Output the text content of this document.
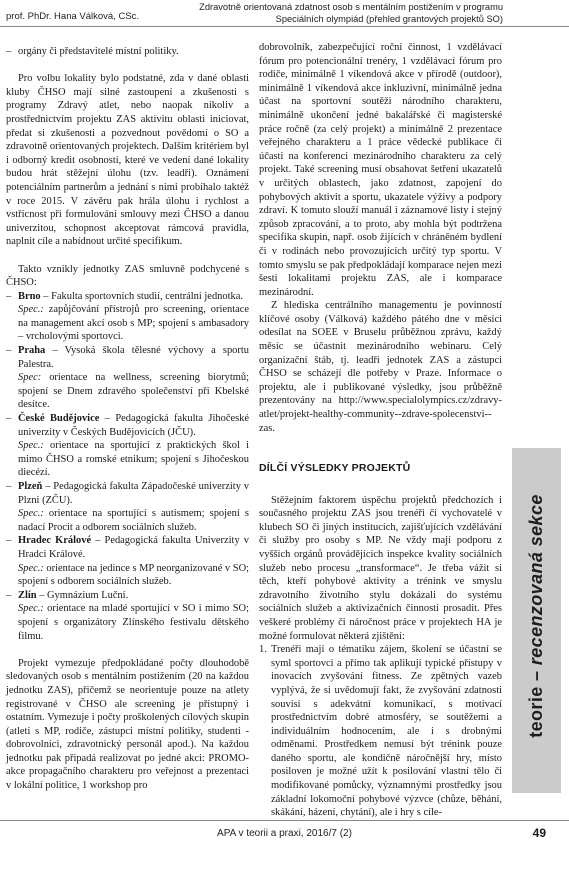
prof. PhDr. Hana Válková, CSc.
Zdravotně orientovaná zdatnost osob s mentálním postižením v programu
Speciálních olympiád (přehled grantových projektů SO)
– orgány či představitelé místní politiky.

Pro volbu lokality bylo podstatné, zda v dané oblasti kluby ČHSO mají silné zastoupení a zkušenosti s programy Zdravý atlet, nebo naopak nikoliv a prostřednictvím projektu ZAS aktivitu oblasti iniciovat, předat si zkušenosti a pozvednout povědomí o SO a zdravotně orientovaných projektech. Dalším kritériem byl i odborný kredit osobností, které ve vedení dané lokality budou hrát stěžejní úlohu (tzv. leadři). Oznámení potenciálním partnerům a jednání s nimi probíhalo taktéž v roce 2015. V závěru pak hrála úlohu i rychlost a vstřícnost při formulování smlouvy mezi ČHSO a danou univerzitou, schopnost akceptovat rámcová pravidla, naplnit cíle a nabídnout určité specifikum.

Takto vznikly jednotky ZAS smluvně podchycené s ČHSO:

– Brno – Fakulta sportovních studií, centrální jednotka.
Spec.: zapůjčování přístrojů pro screening, orientace na management akcí osob s MP; spojení s ambasadory – vrcholovými sportovci.
– Praha – Vysoká škola tělesné výchovy a sportu Palestra.
Spec: orientace na wellness, screening biorytmů; spojení se Dnem zdravého společenství při Kbelské desítce.
– České Budějovice – Pedagogická fakulta Jihočeské univerzity v Českých Budějovicích (JČU).
Spec.: orientace na sportující z praktických škol i mimo ČHSO a romské etnikum; spojení s Jihočeskou diecézí.
– Plzeň – Pedagogická fakulta Západočeské univerzity v Plzni (ZČU).
Spec.: orientace na sportující s autismem; spojení s nadací Procit a odborem sociálních služeb.
– Hradec Králové – Pedagogická fakulta Univerzity v Hradci Králové.
Spec.: orientace na jedince s MP neorganizované v SO; spojení s odborem sociálních služeb.
– Zlín – Gymnázium Luční.
Spec.: orientace na mladé sportující v SO i mimo SO; spojení s organizátory Zlínského festivalu dětského filmu.

Projekt vymezuje předpokládané počty dlouhodobě sledovaných osob s mentálním postižením (20 na každou jednotku ZAS), přičemž se neorientuje pouze na atlety registrované v ČHSO ale screening je přístupný i ostatním. Vymezuje i počty proškolených cílových skupin (atleti s MP, rodiče, zástupci místní politiky, studenti - dobrovolníci, zdravotnický personál apod.). Na každou jednotku pak připadá realizovat po jedné akci: PROMO-akce propagačního charakteru pro veřejnost a prezentaci v lokální politice, 1 workshop pro

dobrovolník, zabezpečující roční činnost, 1 vzdělávací fórum pro potencionální trenéry, 1 vzdělávací fórum pro rodiče, minimálně 1 víkendová akce v přírodě (outdoor), minimálně 1 víkendová akce inkluzivní, minimálně jedna účast na sportovní soutěži národního charakteru, minimálně ukončení jedné bakalářské či magisterské práce ročně (za celý projekt) a minimálně 2 prezentace veřejného charakteru a 1 práce vědecké publikace či účasti na konferenci mezinárodního charakteru za celý projekt. Také screening musí obsahovat šetření ukazatelů v určitých oblastech, jako zdatnost, zapojení do pohybových aktivit a sportu, ukazatele výživy a podpory zdraví. K tomuto slouží manuál i záznamové listy i stejný způsob zpracování, a to proto, aby mohla být podtržena specifika skupin, např. osob žijících v chráněném bydlení či v rodinách nebo provozujících určitý typ sportu. V tomto smyslu se pak předpokládají komparace nejen mezi šesti lokalitami projektu ZAS, ale i komparace mezinárodní.

Z hlediska centrálního managementu je povinností klíčové osoby (Válková) každého pátého dne v měsíci odesílat na SOEE v Bruselu průběžnou zprávu, každý měsíc se účastnit mezinárodního webinaru. Celý organizační štáb, tj. leadři jednotek ZAS a zástupci ČHSO se scházejí dle potřeby v Praze. Informace o projektu, ale i publikované výsledky, jsou průběžně prezentovány na http://www.specialolympics.cz/zdravy-atlet/projekt-healthy-community--zdrave-spolecenstvi--zas.

DÍLČÍ VÝSLEDKY PROJEKTŮ

Stěžejním faktorem úspěchu projektů předchozích i současného projektu ZAS jsou trenéři či vychovatelé v klubech SO či jiných institucích, zajišťujících vzdělávání či služby pro osoby s MP. Ne vždy mají podporu z vyšších orgánů provádějících inspekce kvality sociálních služeb nebo procesu „transformace“. Je třeba vážit si těch, kteří pohybové aktivity a trénink ve smyslu zdravotního životního stylu dokázali do systému sociálních služeb a aktivizačních činností prosadit. Přes veškeré problémy či náročnost práce v projektech HA je možné formulovat některá zjištění:

1. Trenéři mají o tématiku zájem, školení se účastní se syml sportovci a přímo tak aplikují typické přístupy v inovacích zvyšování fitness. Ze zpětných vazeb vyplývá, že si uvědomují fakt, že zvyšování zdatnosti souvisí s adekvátní komunikací, s motivací prostřednictvím dobré atmosféry, se soutěžemi a individuálním hodnocením, ale i s drobnými odměnami. Prostředkem nemusí být trénink pouze daného sportu, ale kondičně náročnější hry, místo posiloven je možné užít k posilování vlastní tělo či modifikované pomůcky, významnými prostředky jsou základní lokomoční pohybové výzvce (chůze, běhání, skákání, házení, chytání), ale i hry s cíle-
teorie – recenzovaná sekce
APA v teorii a praxi, 2016/7 (2)	49
